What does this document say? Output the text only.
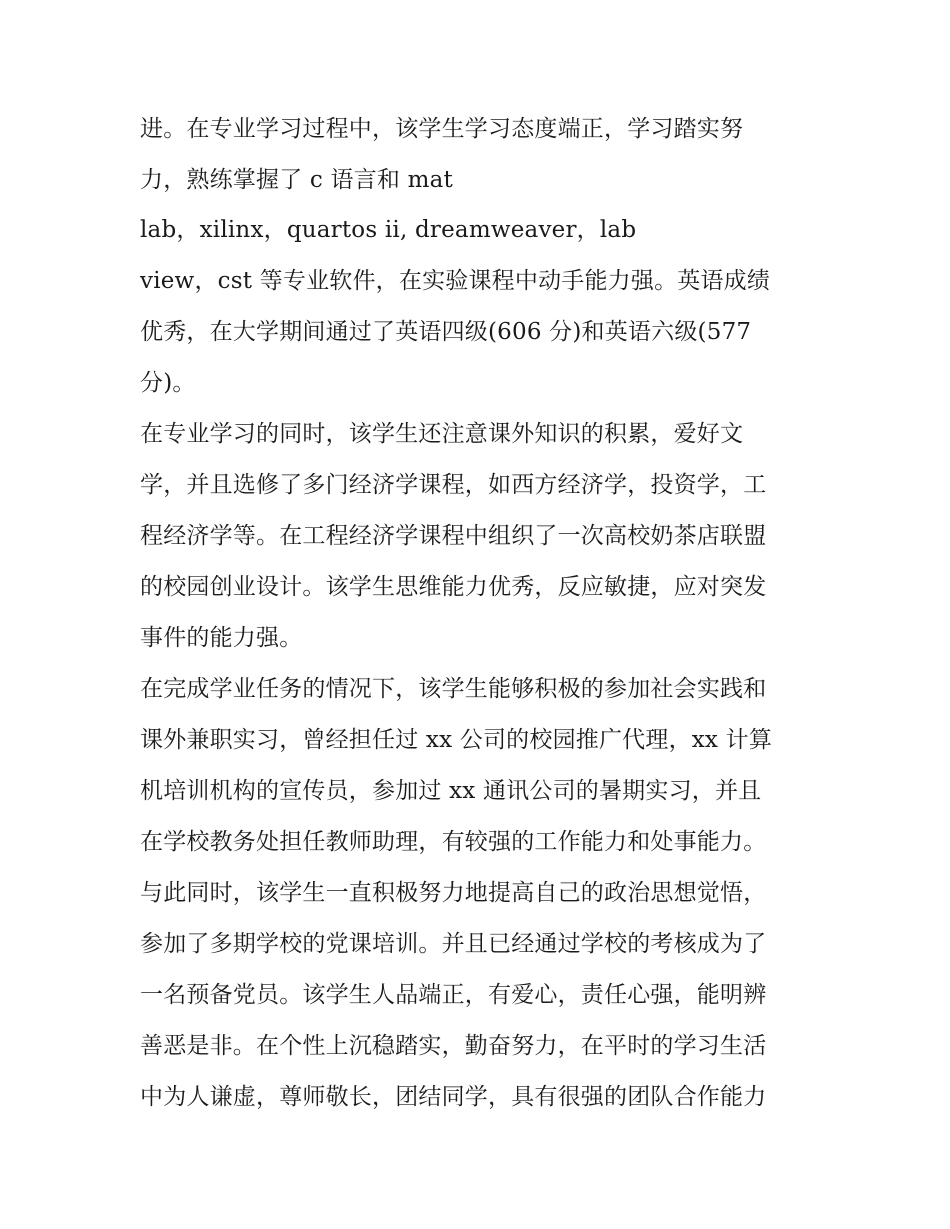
进。在专业学习过程中，该学生学习态度端正，学习踏实努
力，熟练掌握了 c 语言和 mat
lab，xilinx，quartos ii, dreamweaver，lab
view，cst 等专业软件，在实验课程中动手能力强。英语成绩
优秀，在大学期间通过了英语四级(606 分)和英语六级(577
分)。
在专业学习的同时，该学生还注意课外知识的积累，爱好文
学，并且选修了多门经济学课程，如西方经济学，投资学，工
程经济学等。在工程经济学课程中组织了一次高校奶茶店联盟
的校园创业设计。该学生思维能力优秀，反应敏捷，应对突发
事件的能力强。
在完成学业任务的情况下，该学生能够积极的参加社会实践和
课外兼职实习，曾经担任过 xx 公司的校园推广代理，xx 计算
机培训机构的宣传员，参加过 xx 通讯公司的暑期实习，并且
在学校教务处担任教师助理，有较强的工作能力和处事能力。
与此同时，该学生一直积极努力地提高自己的政治思想觉悟，
参加了多期学校的党课培训。并且已经通过学校的考核成为了
一名预备党员。该学生人品端正，有爱心，责任心强，能明辨
善恶是非。在个性上沉稳踏实，勤奋努力，在平时的学习生活
中为人谦虚，尊师敬长，团结同学，具有很强的团队合作能力
